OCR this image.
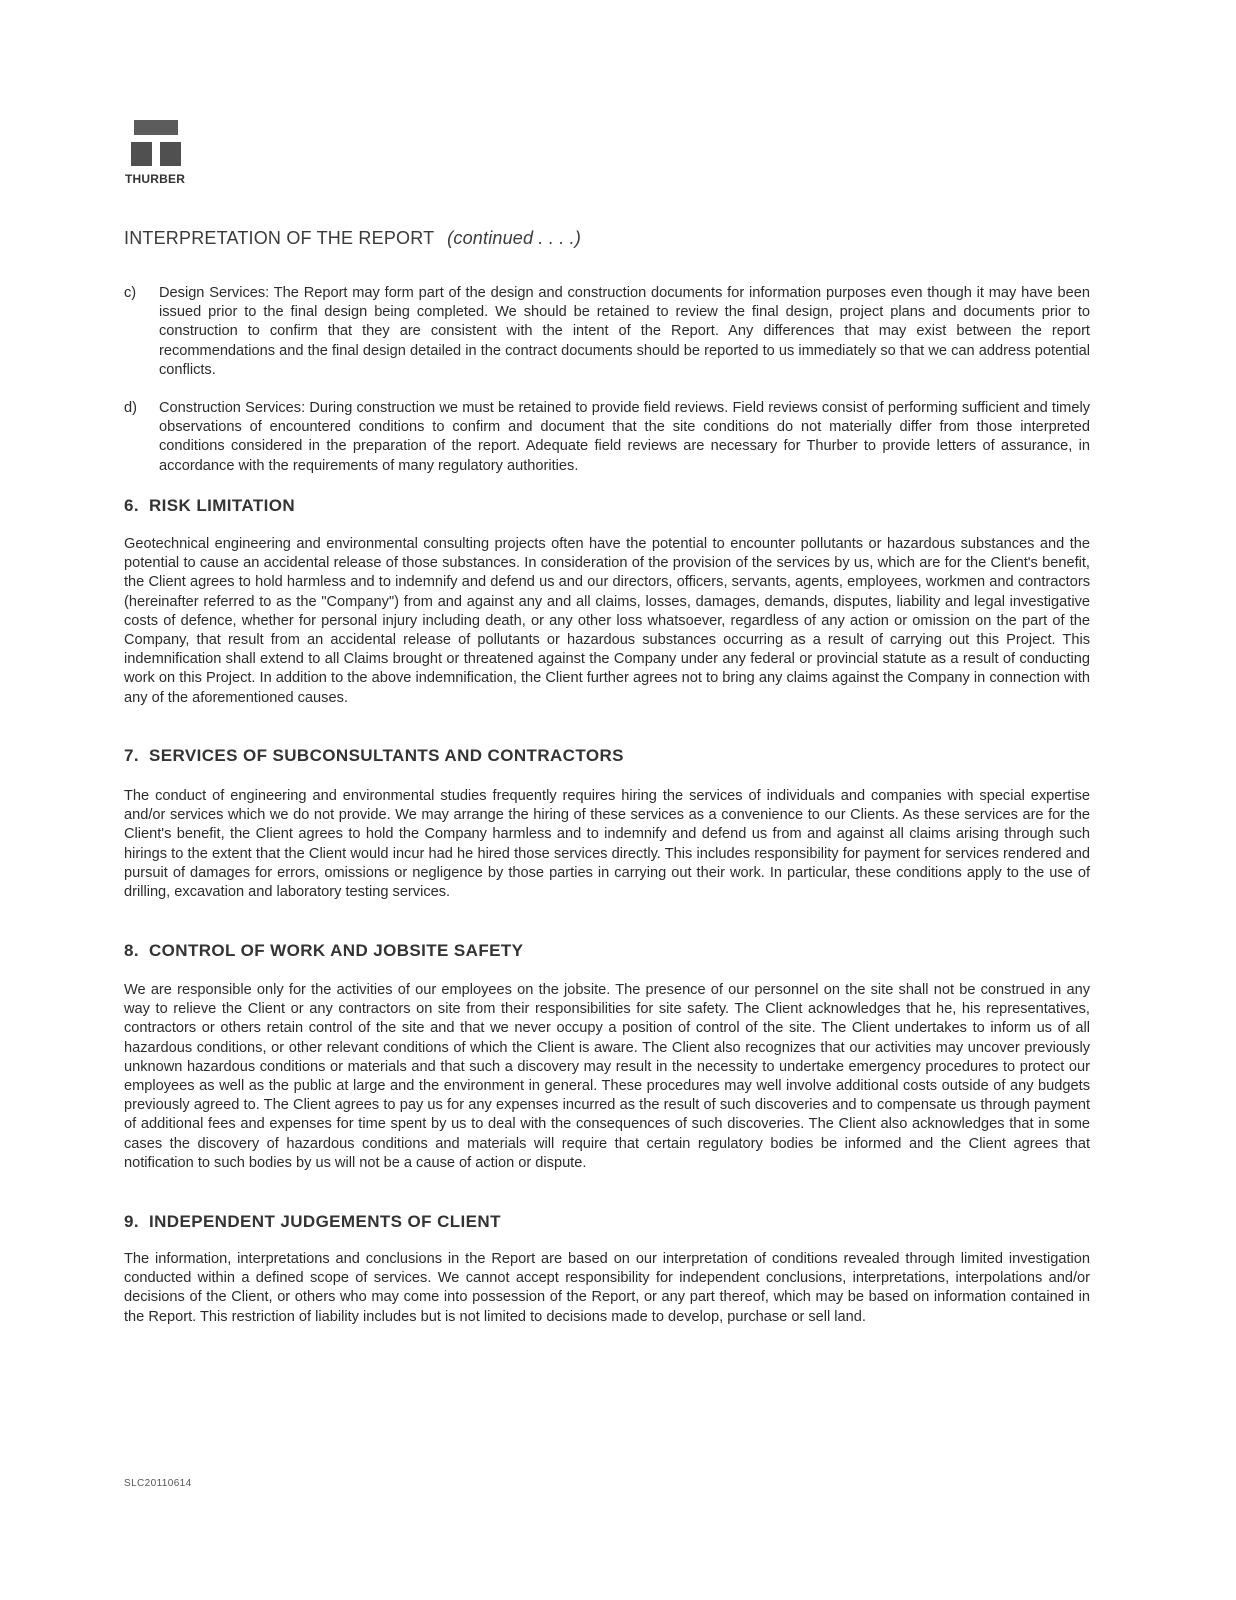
THURBER
INTERPRETATION OF THE REPORT (continued . . . .)
c)	Design Services: The Report may form part of the design and construction documents for information purposes even though it may have been issued prior to the final design being completed. We should be retained to review the final design, project plans and documents prior to construction to confirm that they are consistent with the intent of the Report. Any differences that may exist between the report recommendations and the final design detailed in the contract documents should be reported to us immediately so that we can address potential conflicts.
d)	Construction Services: During construction we must be retained to provide field reviews. Field reviews consist of performing sufficient and timely observations of encountered conditions to confirm and document that the site conditions do not materially differ from those interpreted conditions considered in the preparation of the report. Adequate field reviews are necessary for Thurber to provide letters of assurance, in accordance with the requirements of many regulatory authorities.
6. RISK LIMITATION
Geotechnical engineering and environmental consulting projects often have the potential to encounter pollutants or hazardous substances and the potential to cause an accidental release of those substances. In consideration of the provision of the services by us, which are for the Client's benefit, the Client agrees to hold harmless and to indemnify and defend us and our directors, officers, servants, agents, employees, workmen and contractors (hereinafter referred to as the "Company") from and against any and all claims, losses, damages, demands, disputes, liability and legal investigative costs of defence, whether for personal injury including death, or any other loss whatsoever, regardless of any action or omission on the part of the Company, that result from an accidental release of pollutants or hazardous substances occurring as a result of carrying out this Project. This indemnification shall extend to all Claims brought or threatened against the Company under any federal or provincial statute as a result of conducting work on this Project. In addition to the above indemnification, the Client further agrees not to bring any claims against the Company in connection with any of the aforementioned causes.
7. SERVICES OF SUBCONSULTANTS AND CONTRACTORS
The conduct of engineering and environmental studies frequently requires hiring the services of individuals and companies with special expertise and/or services which we do not provide. We may arrange the hiring of these services as a convenience to our Clients. As these services are for the Client's benefit, the Client agrees to hold the Company harmless and to indemnify and defend us from and against all claims arising through such hirings to the extent that the Client would incur had he hired those services directly. This includes responsibility for payment for services rendered and pursuit of damages for errors, omissions or negligence by those parties in carrying out their work. In particular, these conditions apply to the use of drilling, excavation and laboratory testing services.
8. CONTROL OF WORK AND JOBSITE SAFETY
We are responsible only for the activities of our employees on the jobsite. The presence of our personnel on the site shall not be construed in any way to relieve the Client or any contractors on site from their responsibilities for site safety. The Client acknowledges that he, his representatives, contractors or others retain control of the site and that we never occupy a position of control of the site. The Client undertakes to inform us of all hazardous conditions, or other relevant conditions of which the Client is aware. The Client also recognizes that our activities may uncover previously unknown hazardous conditions or materials and that such a discovery may result in the necessity to undertake emergency procedures to protect our employees as well as the public at large and the environment in general. These procedures may well involve additional costs outside of any budgets previously agreed to. The Client agrees to pay us for any expenses incurred as the result of such discoveries and to compensate us through payment of additional fees and expenses for time spent by us to deal with the consequences of such discoveries. The Client also acknowledges that in some cases the discovery of hazardous conditions and materials will require that certain regulatory bodies be informed and the Client agrees that notification to such bodies by us will not be a cause of action or dispute.
9. INDEPENDENT JUDGEMENTS OF CLIENT
The information, interpretations and conclusions in the Report are based on our interpretation of conditions revealed through limited investigation conducted within a defined scope of services. We cannot accept responsibility for independent conclusions, interpretations, interpolations and/or decisions of the Client, or others who may come into possession of the Report, or any part thereof, which may be based on information contained in the Report. This restriction of liability includes but is not limited to decisions made to develop, purchase or sell land.
SLC20110614
